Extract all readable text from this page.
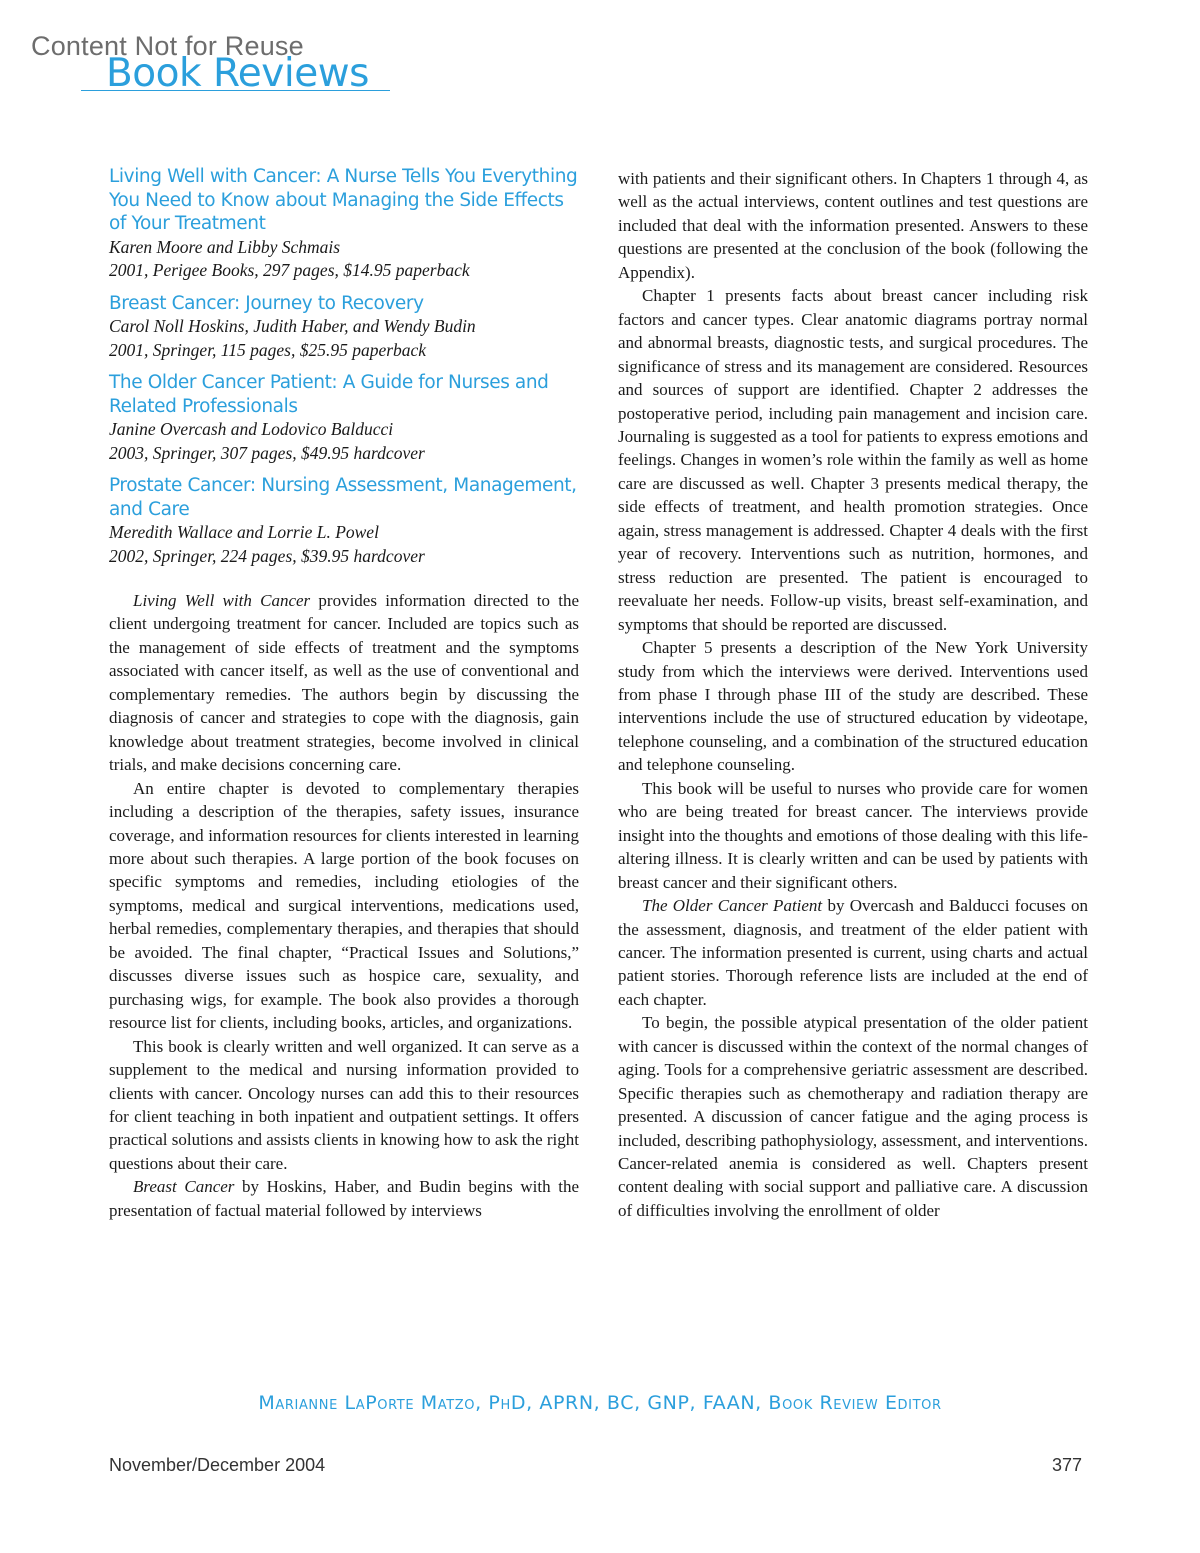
Content Not for Reuse
Book Reviews
Living Well with Cancer: A Nurse Tells You Everything You Need to Know about Managing the Side Effects of Your Treatment
Karen Moore and Libby Schmais
2001, Perigee Books, 297 pages, $14.95 paperback
Breast Cancer: Journey to Recovery
Carol Noll Hoskins, Judith Haber, and Wendy Budin
2001, Springer, 115 pages, $25.95 paperback
The Older Cancer Patient: A Guide for Nurses and Related Professionals
Janine Overcash and Lodovico Balducci
2003, Springer, 307 pages, $49.95 hardcover
Prostate Cancer: Nursing Assessment, Management, and Care
Meredith Wallace and Lorrie L. Powel
2002, Springer, 224 pages, $39.95 hardcover

Living Well with Cancer provides information directed to the client undergoing treatment for cancer. Included are topics such as the management of side effects of treatment and the symptoms associated with cancer itself, as well as the use of conventional and complementary remedies. The authors begin by discussing the diagnosis of cancer and strategies to cope with the diagnosis, gain knowledge about treatment strategies, become involved in clinical trials, and make decisions concerning care.

An entire chapter is devoted to complementary therapies including a description of the therapies, safety issues, insurance coverage, and information resources for clients interested in learning more about such therapies. A large portion of the book focuses on specific symptoms and remedies, including etiologies of the symptoms, medical and surgical interventions, medications used, herbal remedies, complementary therapies, and therapies that should be avoided. The final chapter, “Practical Issues and Solutions,” discusses diverse issues such as hospice care, sexuality, and purchasing wigs, for example. The book also provides a thorough resource list for clients, including books, articles, and organizations.

This book is clearly written and well organized. It can serve as a supplement to the medical and nursing information provided to clients with cancer. Oncology nurses can add this to their resources for client teaching in both inpatient and outpatient settings. It offers practical solutions and assists clients in knowing how to ask the right questions about their care.

Breast Cancer by Hoskins, Haber, and Budin begins with the presentation of factual material followed by interviews

with patients and their significant others. In Chapters 1 through 4, as well as the actual interviews, content outlines and test questions are included that deal with the information presented. Answers to these questions are presented at the conclusion of the book (following the Appendix).

Chapter 1 presents facts about breast cancer including risk factors and cancer types. Clear anatomic diagrams portray normal and abnormal breasts, diagnostic tests, and surgical procedures. The significance of stress and its management are considered. Resources and sources of support are identified. Chapter 2 addresses the postoperative period, including pain management and incision care. Journaling is suggested as a tool for patients to express emotions and feelings. Changes in women’s role within the family as well as home care are discussed as well. Chapter 3 presents medical therapy, the side effects of treatment, and health promotion strategies. Once again, stress management is addressed. Chapter 4 deals with the first year of recovery. Interventions such as nutrition, hormones, and stress reduction are presented. The patient is encouraged to reevaluate her needs. Follow-up visits, breast self-examination, and symptoms that should be reported are discussed.

Chapter 5 presents a description of the New York University study from which the interviews were derived. Interventions used from phase I through phase III of the study are described. These interventions include the use of structured education by videotape, telephone counseling, and a combination of the structured education and telephone counseling.

This book will be useful to nurses who provide care for women who are being treated for breast cancer. The interviews provide insight into the thoughts and emotions of those dealing with this life-altering illness. It is clearly written and can be used by patients with breast cancer and their significant others.

The Older Cancer Patient by Overcash and Balducci focuses on the assessment, diagnosis, and treatment of the elder patient with cancer. The information presented is current, using charts and actual patient stories. Thorough reference lists are included at the end of each chapter.

To begin, the possible atypical presentation of the older patient with cancer is discussed within the context of the normal changes of aging. Tools for a comprehensive geriatric assessment are described. Specific therapies such as chemotherapy and radiation therapy are presented. A discussion of cancer fatigue and the aging process is included, describing pathophysiology, assessment, and interventions. Cancer-related anemia is considered as well. Chapters present content dealing with social support and palliative care. A discussion of difficulties involving the enrollment of older

Marianne LaPorte Matzo, PhD, APRN, BC, GNP, FAAN, Book Review Editor

November/December 2004	377
